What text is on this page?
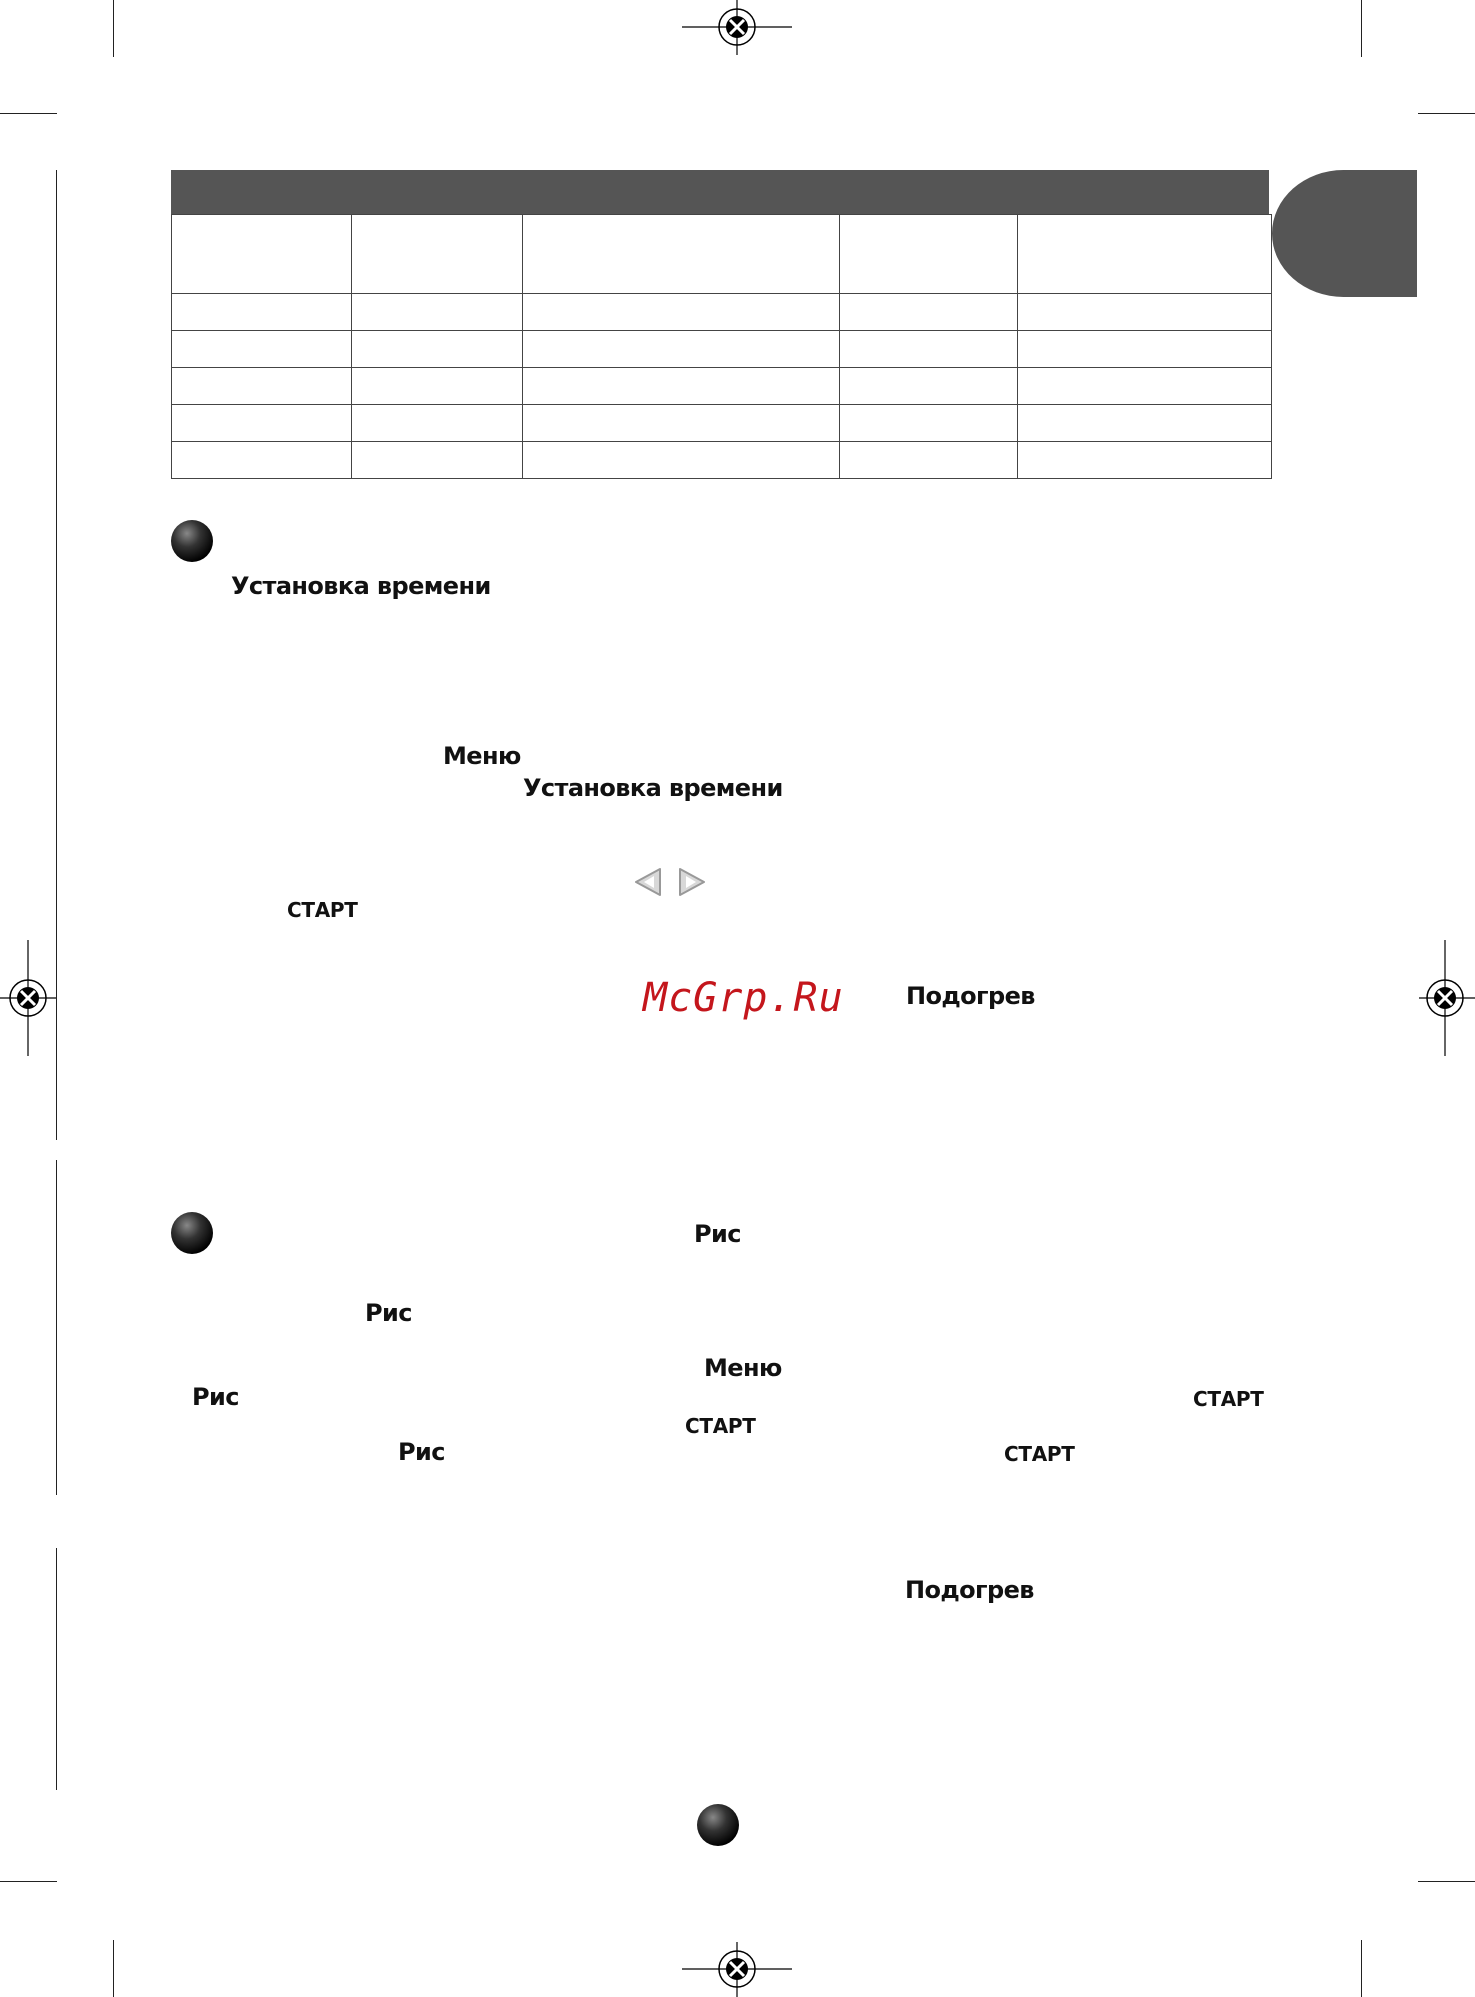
Установка времени
Меню
Установка времени
СТАРТ
McGrp.Ru	Подогрев
Рис
Рис
Меню
Рис	СТАРТ
СТАРТ
Рис	СТАРТ
Подогрев
